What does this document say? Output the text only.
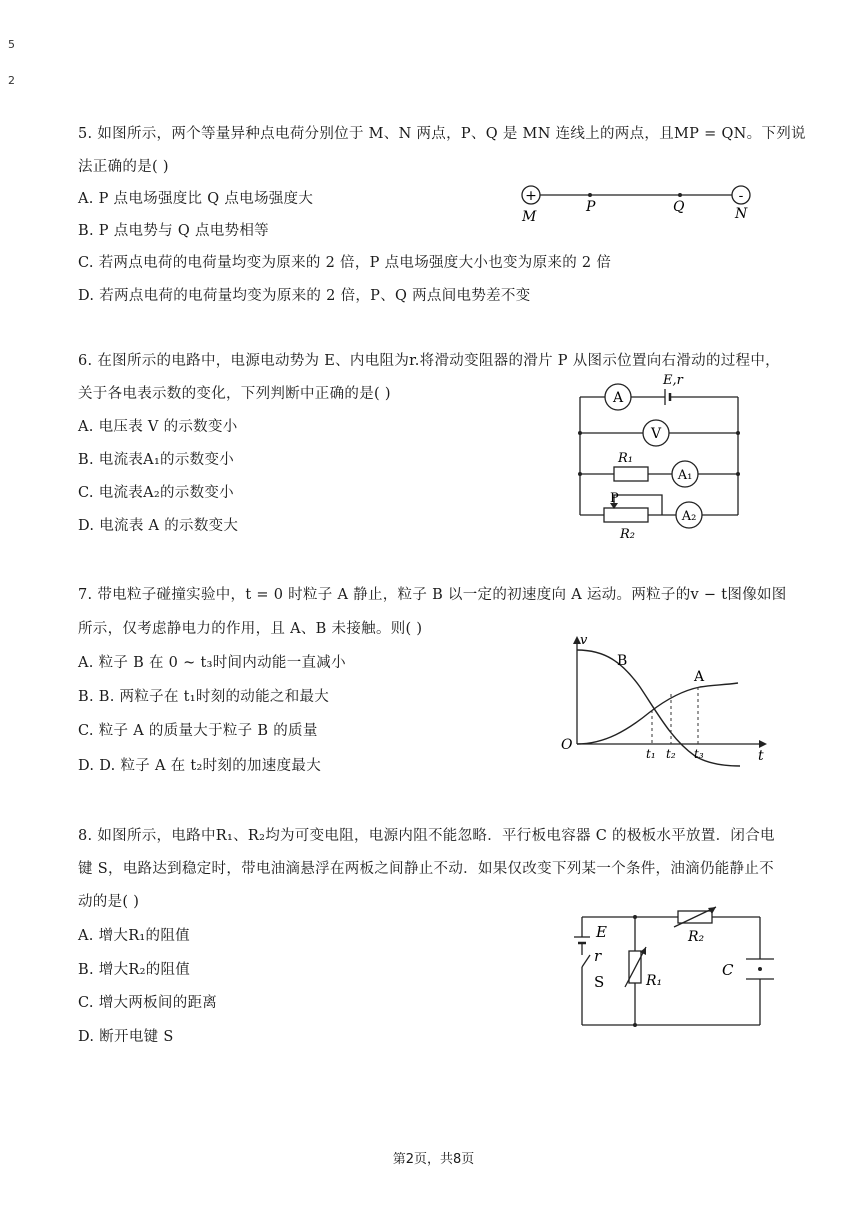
5
2
5. 如图所示，两个等量异种点电荷分别位于 M、N 两点，P、Q 是 MN 连线上的两点，且MP = QN。下列说
法正确的是( )
A. P 点电场强度比 Q 点电场强度大
B. P 点电势与 Q 点电势相等
C. 若两点电荷的电荷量均变为原来的 2 倍，P 点电场强度大小也变为原来的 2 倍
D. 若两点电荷的电荷量均变为原来的 2 倍，P、Q 两点间电势差不变
+	-
M
P	Q	N
6. 在图所示的电路中，电源电动势为 E、内电阻为r.将滑动变阻器的滑片 P 从图示位置向右滑动的过程中，
关于各电表示数的变化，下列判断中正确的是( )
A. 电压表 V 的示数变小
B. 电流表A₁的示数变小
C. 电流表A₂的示数变小
D. 电流表 A 的示数变大
A
E,r
V
R₁
A₁
P
R₂
A₂
7. 带电粒子碰撞实验中，t = 0 时粒子 A 静止，粒子 B 以一定的初速度向 A 运动。两粒子的v − t图像如图
所示，仅考虑静电力的作用，且 A、B 未接触。则( )
A. 粒子 B 在 0 ~ t₃时间内动能一直减小
B. B. 两粒子在 t₁时刻的动能之和最大
C. 粒子 A 的质量大于粒子 B 的质量
D. D. 粒子 A 在 t₂时刻的加速度最大
v
O
t
B
A
t₁ t₂ t₃
8. 如图所示，电路中R₁、R₂均为可变电阻，电源内阻不能忽略．平行板电容器 C 的极板水平放置．闭合电
键 S，电路达到稳定时，带电油滴悬浮在两板之间静止不动．如果仅改变下列某一个条件，油滴仍能静止不
动的是( )
A. 增大R₁的阻值
B. 增大R₂的阻值
C. 增大两板间的距离
D. 断开电键 S
E
r
S	R₁
R₂
C
第2页，共8页
